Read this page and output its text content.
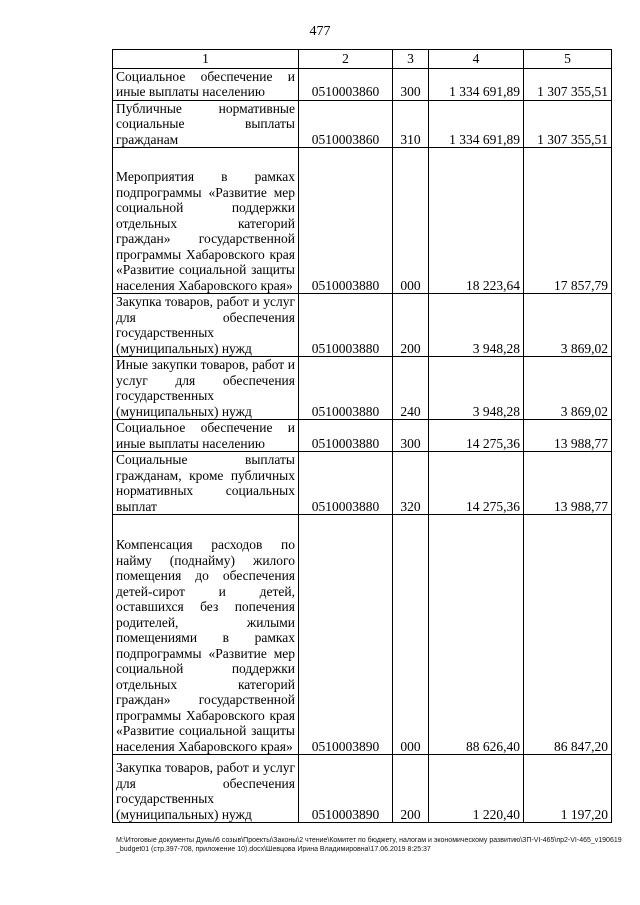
477
1	2	3	4	5
Социальное обеспечение и иные выплаты населению	0510003860	300	1 334 691,89	1 307 355,51
Публичные нормативные социальные выплаты гражданам	0510003860	310	1 334 691,89	1 307 355,51
Мероприятия в рамках подпрограммы «Развитие мер социальной поддержки отдельных категорий граждан» государственной программы Хабаровского края «Развитие социальной защиты населения Хабаровского края»	0510003880	000	18 223,64	17 857,79
Закупка товаров, работ и услуг для обеспечения государственных (муниципальных) нужд	0510003880	200	3 948,28	3 869,02
Иные закупки товаров, работ и услуг для обеспечения государственных (муниципальных) нужд	0510003880	240	3 948,28	3 869,02
Социальное обеспечение и иные выплаты населению	0510003880	300	14 275,36	13 988,77
Социальные выплаты гражданам, кроме публичных нормативных социальных выплат	0510003880	320	14 275,36	13 988,77
Компенсация расходов по найму (поднайму) жилого помещения до обеспечения детей-сирот и детей, оставшихся без попечения родителей, жилыми помещениями в рамках подпрограммы «Развитие мер социальной поддержки отдельных категорий граждан» государственной программы Хабаровского края «Развитие социальной защиты населения Хабаровского края»	0510003890	000	88 626,40	86 847,20
Закупка товаров, работ и услуг для обеспечения государственных (муниципальных) нужд	0510003890	200	1 220,40	1 197,20
M:\Итоговые документы Думы\6 созыв\Проекты\Законы\2 чтение\Комитет по бюджету, налогам и экономическому развитию\ЗП-VI-465\пр2-VI-465_v190619_budget01 (стр.397-708, приложение 10).docx\Шевцова Ирина Владимировна\17.06.2019 8:25:37
